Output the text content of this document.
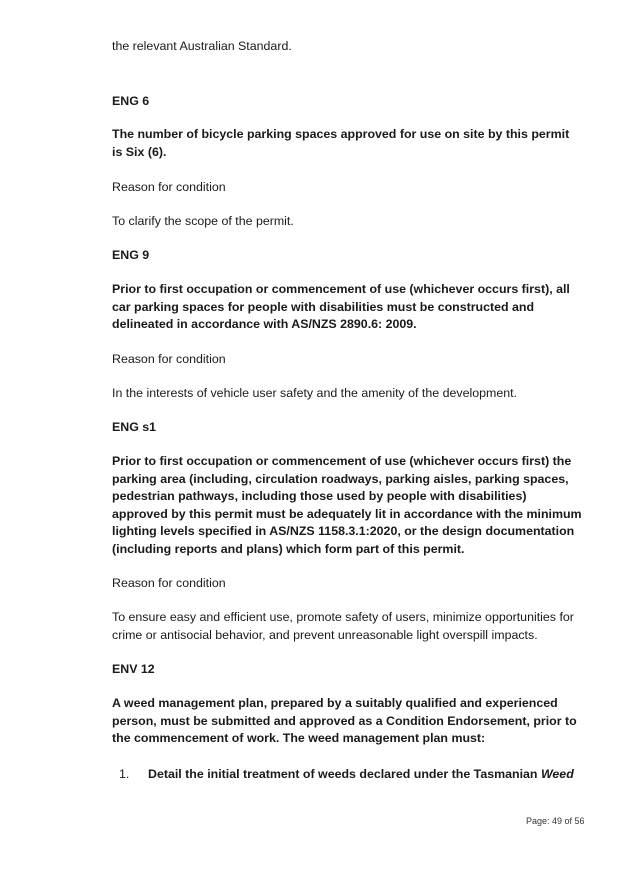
the relevant Australian Standard.

ENG 6

The number of bicycle parking spaces approved for use on site by this permit is Six (6).

Reason for condition

To clarify the scope of the permit.

ENG 9

Prior to first occupation or commencement of use (whichever occurs first), all car parking spaces for people with disabilities must be constructed and delineated in accordance with AS/NZS 2890.6: 2009.

Reason for condition

In the interests of vehicle user safety and the amenity of the development.

ENG s1

Prior to first occupation or commencement of use (whichever occurs first) the parking area (including, circulation roadways, parking aisles, parking spaces, pedestrian pathways, including those used by people with disabilities) approved by this permit must be adequately lit in accordance with the minimum lighting levels specified in AS/NZS 1158.3.1:2020, or the design documentation (including reports and plans) which form part of this permit.

Reason for condition

To ensure easy and efficient use, promote safety of users, minimize opportunities for crime or antisocial behavior, and prevent unreasonable light overspill impacts.

ENV 12

A weed management plan, prepared by a suitably qualified and experienced person, must be submitted and approved as a Condition Endorsement, prior to the commencement of work. The weed management plan must:

1. Detail the initial treatment of weeds declared under the Tasmanian Weed
Page: 49 of 56
